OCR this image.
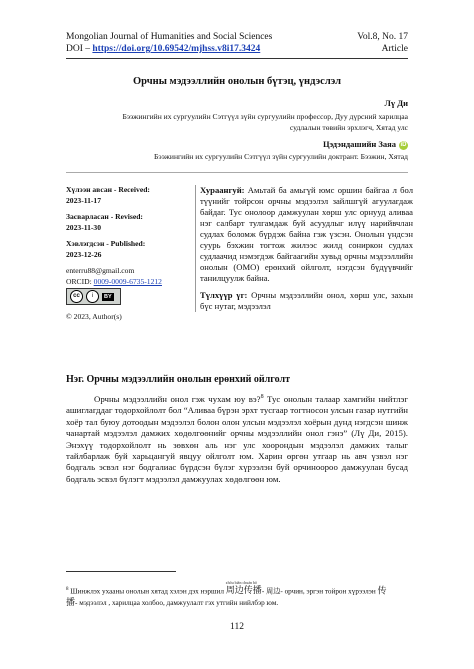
Mongolian Journal of Humanities and Social Sciences
DOI – https://doi.org/10.69542/mjhss.v8i17.3424
Vol.8, No. 17
Article
Орчны мэдээллийн онолын бүтэц, үндэслэл
Лү Ди
Бээжингийн их сургуулийн Сэтгүүл зүйн сургуулийн профессор, Дуу дүрсний харилцаа
судлалын төвийн эрхлэгч, Хятад улс
Цэдэндашийн Заяа iD
Бээжингийн их сургуулийн Сэтгүүл зүйн сургуулийн доктрант. Бээжин, Хятад
Хүлээн авсан - Received:
2023-11-17
Засварласан - Revised:
2023-11-30
Хэвлэгдсэн - Published:
2023-12-26
enterru88@gmail.com
ORCID: 0009-0009-6735-1212
cc	i	BY
© 2023, Author(s)
Хураангуй: Амьтай ба амьгүй юмс оршин байгаа л бол түүнийг тойрсон орчны мэдээлэл зайлшгүй агуулагдаж байдаг. Тус онолоор дамжуулан хөрш улс орнууд аливаа нэг салбарт тулгамдаж буй асуудлыг илүү нарийвчлан судлах боломж бүрдэж байна гэж үзсэн. Онолын үндсэн суурь бэхжин тогтож жилээс жилд сониркон судлах судлаачид нэмэгдэж байгаагийн хувьд орчны мэдээллийн онолын (ОМО) ерөнхий ойлголт, нэгдсэн бүдүүвчийг танилцуулж байна.
Түлхүүр үг: Орчны мэдээллийн онол, хөрш улс, захын бүс нутаг, мэдээлэл
Нэг. Орчны мэдээллийн онолын ерөнхий ойлголт
Орчны мэдээллийн онол гэж чухам юу вэ?$^8$ Тус онолын талаар хамгийн нийтлэг ашиглагддаг тодорхойлолт бол “Аливаа бүрэн эрхт тусгаар тогтносон улсын газар нутгийн хоёр тал буюу дотоодын мэдээлэл болон олон улсын мэдээлэл хоёрын дунд нэгдсэн шинж чанартай мэдээлэл дамжих хөдөлгөөнийг орчны мэдээллийн онол гэнэ” (Лү Ди, 2015). Энэхүү тодорхойлолт нь зөвхөн аль нэг улс хоорондын мэдээлэл дамжих талыг тайлбарлаж буй харьцангуй явцуу ойлголт юм. Харин өргөн утгаар нь авч үзвэл нэг бодгаль эсвэл нэг бодгалиас бүрдсэн бүлэг хүрээлэн буй орчиноороо дамжуулан бусад бодгаль эсвэл бүлэгт мэдээлэл дамжуулах хөдөлгөөн юм.
$^8$ Шинжлэх ухааны онолын хятад хэлэн дэх нэршил
zhōu biān chuán bō
周边传播- 周边- орчин, эргэн тойрон хүрээлэн 传
播- мэдээлэл , харилцаа холбоо, дамжуулалт гэх утгийн нийлбэр юм.
112
